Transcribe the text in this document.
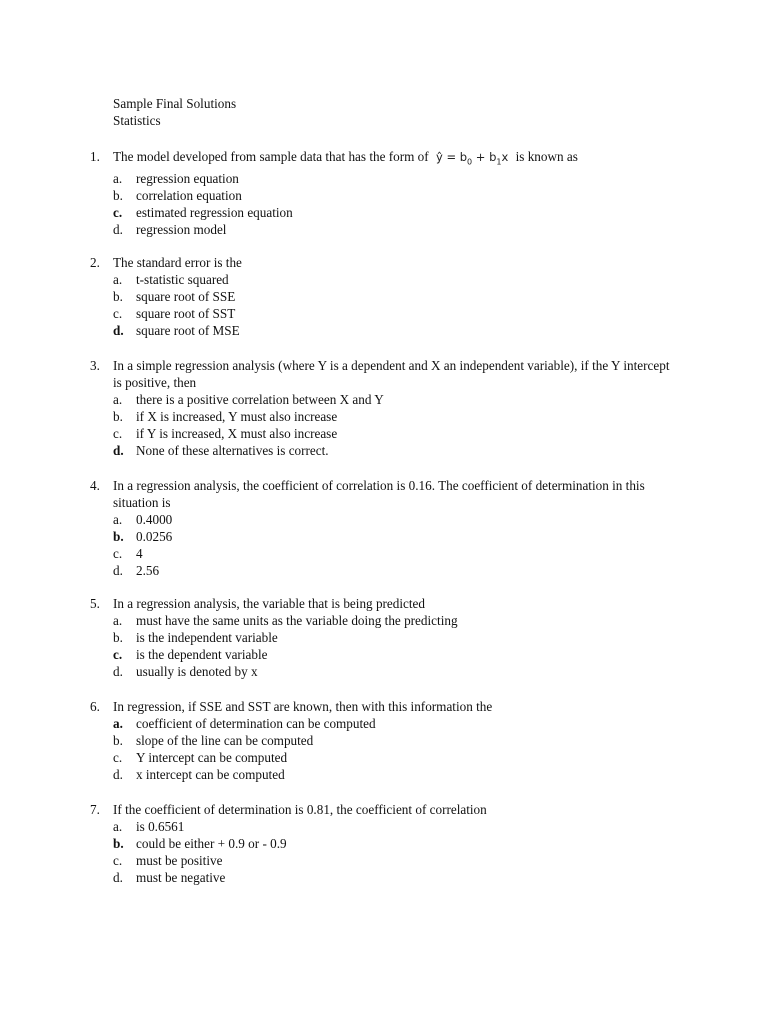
Sample Final Solutions
Statistics
1. The model developed from sample data that has the form of ŷ = $b_0 + b_1x$ is known as
a.	regression equation
b. correlation equation
c.	estimated regression equation
d. regression model
2. The standard error is the
a.	t-statistic squared
b. square root of SSE
c.	square root of SST
d. square root of MSE
3. In a simple regression analysis (where Y is a dependent and X an independent variable), if the Y intercept is positive, then
a.	there is a positive correlation between X and Y
b. if X is increased, Y must also increase
c.	if Y is increased, X must also increase
d. None of these alternatives is correct.
4. In a regression analysis, the coefficient of correlation is 0.16. The coefficient of determination in this situation is
a.	0.4000
b. 0.0256
c.	4
d. 2.56
5. In a regression analysis, the variable that is being predicted
a.	must have the same units as the variable doing the predicting
b. is the independent variable
c.	is the dependent variable
d. usually is denoted by x
6. In regression, if SSE and SST are known, then with this information the
a. coefficient of determination can be computed
b. slope of the line can be computed
c.	Y intercept can be computed
d. x intercept can be computed
7. If the coefficient of determination is 0.81, the coefficient of correlation
a.	is 0.6561
b. could be either + 0.9 or - 0.9
c.	must be positive
d. must be negative
